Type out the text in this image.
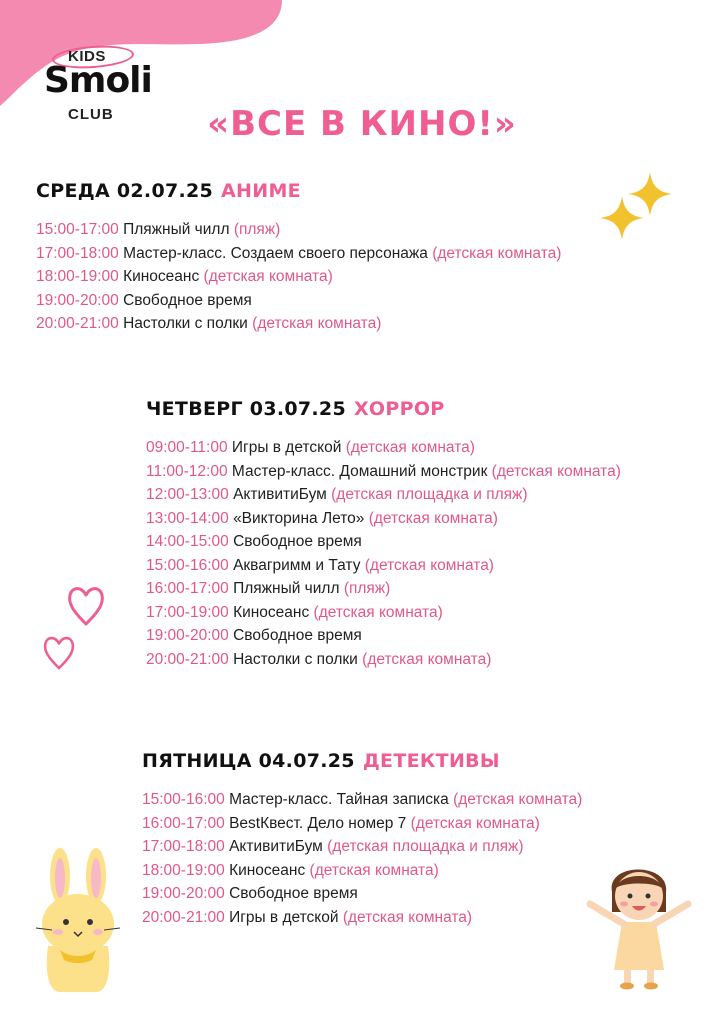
KIDS
Smoli
CLUB	«ВСЕ В КИНО!»
СРЕДА 02.07.25 АНИМЕ
15:00-17:00 Пляжный чилл (пляж)
17:00-18:00 Мастер-класс. Создаем своего персонажа (детская комната)
18:00-19:00 Киносеанс (детская комната)
19:00-20:00 Свободное время
20:00-21:00 Настолки с полки (детская комната)
ЧЕТВЕРГ 03.07.25 ХОРРОР
09:00-11:00 Игры в детской (детская комната)
11:00-12:00 Мастер-класс. Домашний монстрик (детская комната)
12:00-13:00 АктивитиБум (детская площадка и пляж)
13:00-14:00 «Викторина Лето» (детская комната)
14:00-15:00 Свободное время
15:00-16:00 Аквагримм и Тату (детская комната)
16:00-17:00 Пляжный чилл (пляж)
17:00-19:00 Киносеанс (детская комната)
19:00-20:00 Свободное время
20:00-21:00 Настолки с полки (детская комната)
ПЯТНИЦА 04.07.25 ДЕТЕКТИВЫ
15:00-16:00 Мастер-класс. Тайная записка (детская комната)
16:00-17:00 BestКвест. Дело номер 7 (детская комната)
17:00-18:00 АктивитиБум (детская площадка и пляж)
18:00-19:00 Киносеанс (детская комната)
19:00-20:00 Свободное время
20:00-21:00 Игры в детской (детская комната)
